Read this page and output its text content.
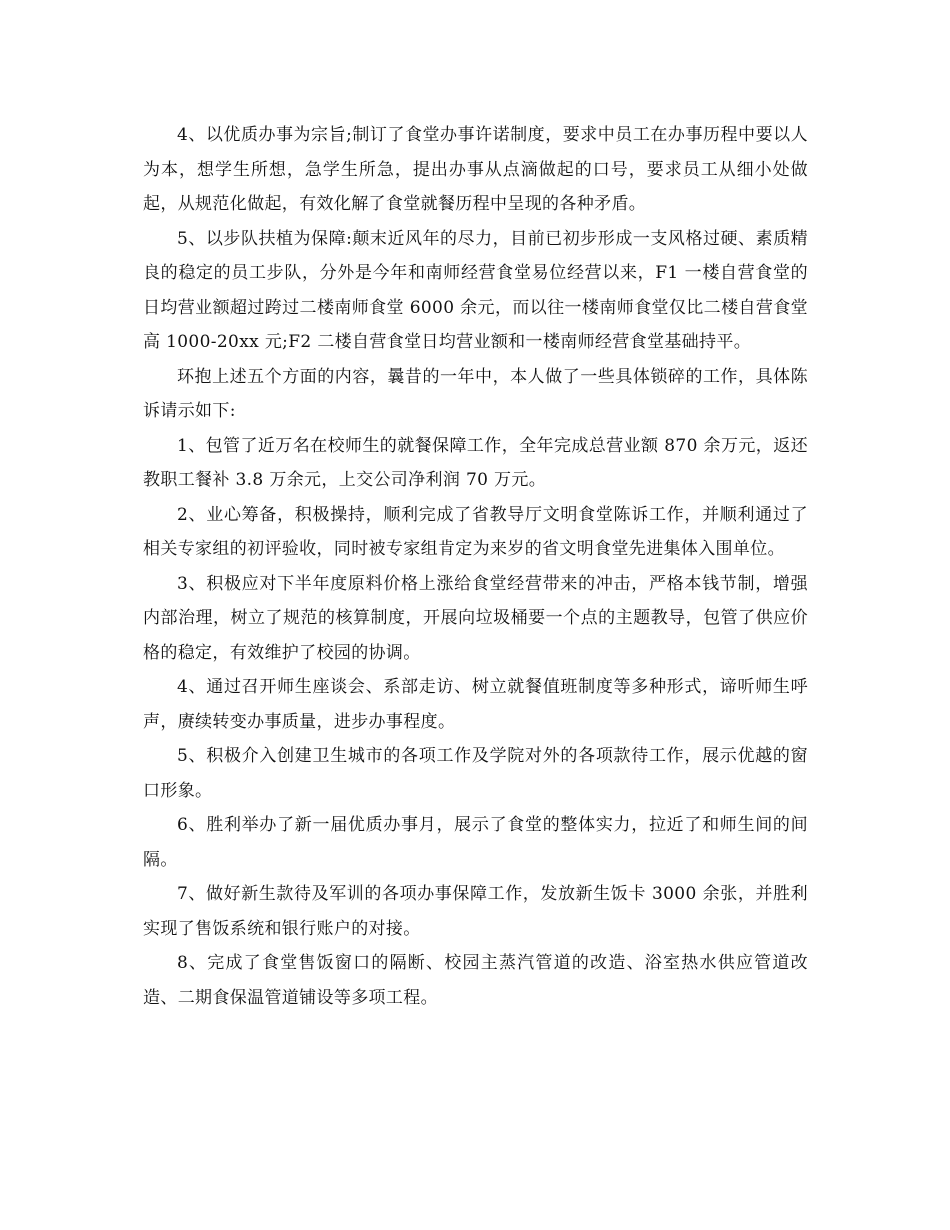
4、以优质办事为宗旨;制订了食堂办事许诺制度，要求中员工在办事历程中要以人为本，想学生所想，急学生所急，提出办事从点滴做起的口号，要求员工从细小处做起，从规范化做起，有效化解了食堂就餐历程中呈现的各种矛盾。

5、以步队扶植为保障:颠末近风年的尽力，目前已初步形成一支风格过硬、素质精良的稳定的员工步队，分外是今年和南师经营食堂易位经营以来，F1 一楼自营食堂的日均营业额超过跨过二楼南师食堂 6000 余元，而以往一楼南师食堂仅比二楼自营食堂高 1000-20xx 元;F2 二楼自营食堂日均营业额和一楼南师经营食堂基础持平。

环抱上述五个方面的内容，曩昔的一年中，本人做了一些具体锁碎的工作，具体陈诉请示如下:

1、包管了近万名在校师生的就餐保障工作，全年完成总营业额 870 余万元，返还教职工餐补 3.8 万余元，上交公司净利润 70 万元。

2、业心筹备，积极操持，顺利完成了省教导厅文明食堂陈诉工作，并顺利通过了相关专家组的初评验收，同时被专家组肯定为来岁的省文明食堂先进集体入围单位。

3、积极应对下半年度原料价格上涨给食堂经营带来的冲击，严格本钱节制，增强内部治理，树立了规范的核算制度，开展向垃圾桶要一个点的主题教导，包管了供应价格的稳定，有效维护了校园的协调。

4、通过召开师生座谈会、系部走访、树立就餐值班制度等多种形式，谛听师生呼声，赓续转变办事质量，进步办事程度。

5、积极介入创建卫生城市的各项工作及学院对外的各项款待工作，展示优越的窗口形象。

6、胜利举办了新一届优质办事月，展示了食堂的整体实力，拉近了和师生间的间隔。

7、做好新生款待及军训的各项办事保障工作，发放新生饭卡 3000 余张，并胜利实现了售饭系统和银行账户的对接。

8、完成了食堂售饭窗口的隔断、校园主蒸汽管道的改造、浴室热水供应管道改造、二期食保温管道铺设等多项工程。
